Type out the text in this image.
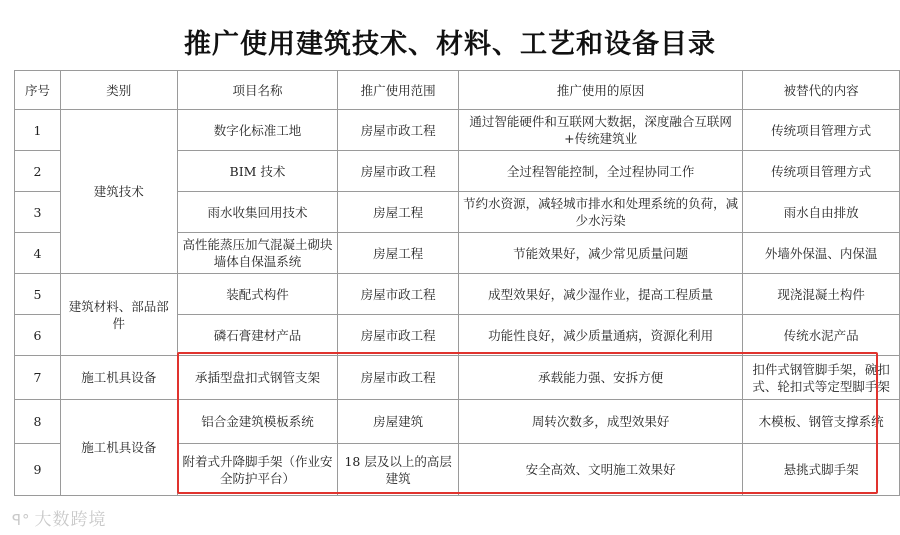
推广使用建筑技术、材料、工艺和设备目录
序号	类别	项目名称	推广使用范围	推广使用的原因	被替代的内容
1	建筑技术	数字化标准工地	房屋市政工程	通过智能硬件和互联网大数据，深度融合互联网+传统建筑业	传统项目管理方式
2		BIM 技术	房屋市政工程	全过程智能控制，全过程协同工作	传统项目管理方式
3		雨水收集回用技术	房屋工程	节约水资源，减轻城市排水和处理系统的负荷，减少水污染	雨水自由排放
4		高性能蒸压加气混凝土砌块墙体自保温系统	房屋工程	节能效果好，减少常见质量问题	外墙外保温、内保温
5	建筑材料、部品部件	装配式构件	房屋市政工程	成型效果好，减少湿作业，提高工程质量	现浇混凝土构件
6		磷石膏建材产品	房屋市政工程	功能性良好，减少质量通病，资源化利用	传统水泥产品
7	施工机具设备	承插型盘扣式钢管支架	房屋市政工程	承载能力强、安拆方便	扣件式钢管脚手架，碗扣式、轮扣式等定型脚手架
8	施工机具设备	铝合金建筑模板系统	房屋建筑	周转次数多，成型效果好	木模板、钢管支撑系统
9		附着式升降脚手架（作业安全防护平台）	18 层及以上的高层建筑	安全高效、文明施工效果好	悬挑式脚手架
ꟼ° 大数跨境
